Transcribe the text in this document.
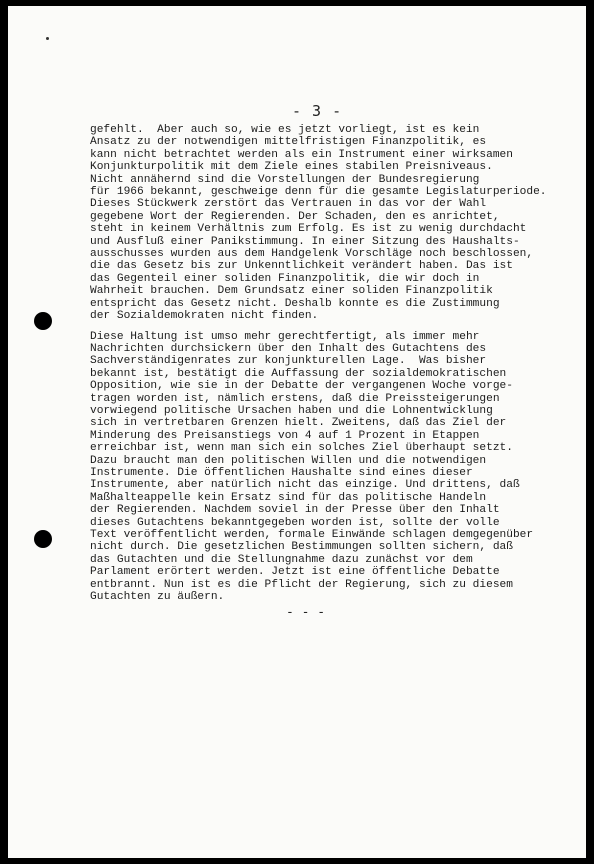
- 3 -

gefehlt.  Aber auch so, wie es jetzt vorliegt, ist es kein
Ansatz zu der notwendigen mittelfristigen Finanzpolitik, es
kann nicht betrachtet werden als ein Instrument einer wirksamen
Konjunkturpolitik mit dem Ziele eines stabilen Preisniveaus.
Nicht annähernd sind die Vorstellungen der Bundesregierung
für 1966 bekannt, geschweige denn für die gesamte Legislaturperiode.
Dieses Stückwerk zerstört das Vertrauen in das vor der Wahl
gegebene Wort der Regierenden. Der Schaden, den es anrichtet,
steht in keinem Verhältnis zum Erfolg. Es ist zu wenig durchdacht
und Ausfluß einer Panikstimmung. In einer Sitzung des Haushalts-
ausschusses wurden aus dem Handgelenk Vorschläge noch beschlossen,
die das Gesetz bis zur Unkenntlichkeit verändert haben. Das ist
das Gegenteil einer soliden Finanzpolitik, die wir doch in
Wahrheit brauchen. Dem Grundsatz einer soliden Finanzpolitik
entspricht das Gesetz nicht. Deshalb konnte es die Zustimmung
der Sozialdemokraten nicht finden.

Diese Haltung ist umso mehr gerechtfertigt, als immer mehr
Nachrichten durchsickern über den Inhalt des Gutachtens des
Sachverständigenrates zur konjunkturellen Lage.  Was bisher
bekannt ist, bestätigt die Auffassung der sozialdemokratischen
Opposition, wie sie in der Debatte der vergangenen Woche vorge-
tragen worden ist, nämlich erstens, daß die Preissteigerungen
vorwiegend politische Ursachen haben und die Lohnentwicklung
sich in vertretbaren Grenzen hielt. Zweitens, daß das Ziel der
Minderung des Preisanstiegs von 4 auf 1 Prozent in Etappen
erreichbar ist, wenn man sich ein solches Ziel überhaupt setzt.
Dazu braucht man den politischen Willen und die notwendigen
Instrumente. Die öffentlichen Haushalte sind eines dieser
Instrumente, aber natürlich nicht das einzige. Und drittens, daß
Maßhalteappelle kein Ersatz sind für das politische Handeln
der Regierenden. Nachdem soviel in der Presse über den Inhalt
dieses Gutachtens bekanntgegeben worden ist, sollte der volle
Text veröffentlicht werden, formale Einwände schlagen demgegenüber
nicht durch. Die gesetzlichen Bestimmungen sollten sichern, daß
das Gutachten und die Stellungnahme dazu zunächst vor dem
Parlament erörtert werden. Jetzt ist eine öffentliche Debatte
entbrannt. Nun ist es die Pflicht der Regierung, sich zu diesem
Gutachten zu äußern.

- - -
